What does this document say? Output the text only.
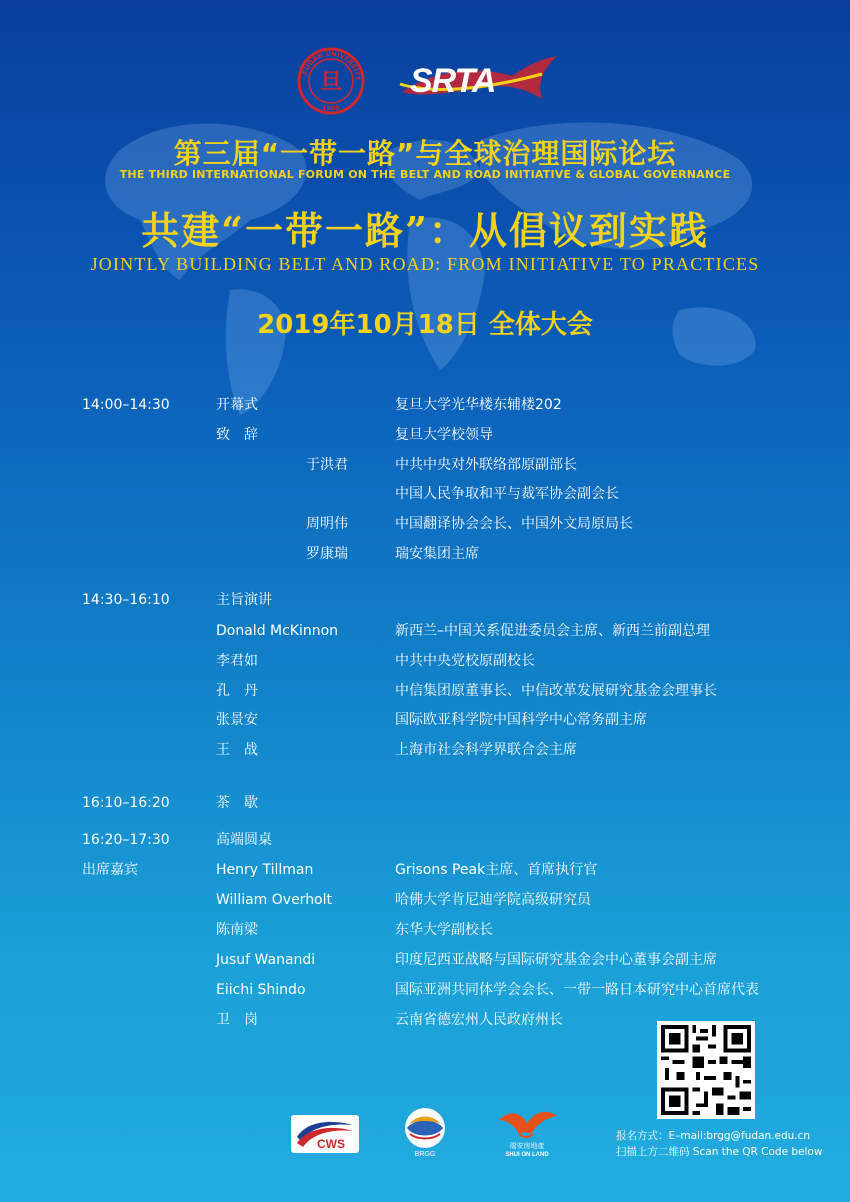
旦
FUDAN UNIVERSITY
1905
SRTA
第三届“一带一路”与全球治理国际论坛
THE THIRD INTERNATIONAL FORUM ON THE BELT AND ROAD INITIATIVE & GLOBAL GOVERNANCE
共建“一带一路”：从倡议到实践
JOINTLY BUILDING BELT AND ROAD: FROM INITIATIVE TO PRACTICES
2019年10月18日 全体大会
14:00–14:30	开幕式	复旦大学光华楼东辅楼202
致　辞	复旦大学校领导
于洪君	中共中央对外联络部原副部长
中国人民争取和平与裁军协会副会长
周明伟	中国翻译协会会长、中国外文局原局长
罗康瑞	瑞安集团主席
14:30–16:10	主旨演讲
Donald McKinnon	新西兰–中国关系促进委员会主席、新西兰前副总理
李君如	中共中央党校原副校长
孔　丹	中信集团原董事长、中信改革发展研究基金会理事长
张景安	国际欧亚科学院中国科学中心常务副主席
王　战	上海市社会科学界联合会主席
16:10–16:20	茶　歇
16:20–17:30	高端圆桌
出席嘉宾	Henry Tillman	Grisons Peak主席、首席执行官
William Overholt	哈佛大学肯尼迪学院高级研究员
陈南梁	东华大学副校长
Jusuf Wanandi	印度尼西亚战略与国际研究基金会中心董事会副主席
Eiichi Shindo	国际亚洲共同体学会会长、一带一路日本研究中心首席代表
卫　岗	云南省德宏州人民政府州长
报名方式：E–mail:brgg@fudan.edu.cn
扫描上方二维码 Scan the QR Code below
CWS
BRGG
瑞安房地產
SHUI ON LAND
